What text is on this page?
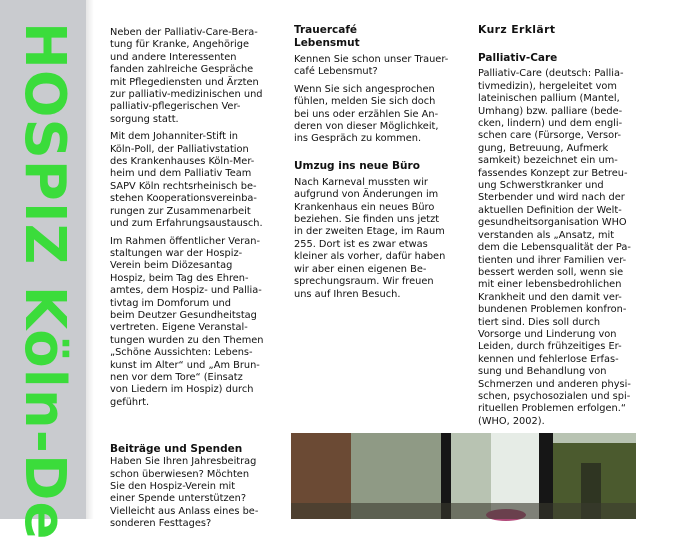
HOSPIZ Köln-De	Neben der Palliativ-Care-Bera-
tung für Kranke, Angehörige
und andere Interessenten
fanden zahlreiche Gespräche
mit Pflegediensten und Ärzten
zur palliativ-medizinischen und
palliativ-pflegerischen Ver-
sorgung statt.

Mit dem Johanniter-Stift in
Köln-Poll, der Palliativstation
des Krankenhauses Köln-Mer-
heim und dem Palliativ Team
SAPV Köln rechtsrheinisch be-
stehen Kooperationsvereinba-
rungen zur Zusammenarbeit
und zum Erfahrungsaustausch.

Im Rahmen öffentlicher Veran-
staltungen war der Hospiz-
Verein beim Diözesantag
Hospiz, beim Tag des Ehren-
amtes, dem Hospiz- und Pallia-
tivtag im Domforum und
beim Deutzer Gesundheitstag
vertreten. Eigene Veranstal-
tungen wurden zu den Themen
„Schöne Aussichten: Lebens-
kunst im Alter“ und „Am Brun-
nen vor dem Tore“ (Einsatz
von Liedern im Hospiz) durch
geführt.

Beiträge und Spenden

Haben Sie Ihren Jahresbeitrag
schon überwiesen? Möchten
Sie den Hospiz-Verein mit
einer Spende unterstützen?
Vielleicht aus Anlass eines be-
sonderen Festtages?

Trauercafé
Lebensmut

Kennen Sie schon unser Trauer-
café Lebensmut?

Wenn Sie sich angesprochen
fühlen, melden Sie sich doch
bei uns oder erzählen Sie An-
deren von dieser Möglichkeit,
ins Gespräch zu kommen.

Umzug ins neue Büro

Nach Karneval mussten wir
aufgrund von Änderungen im
Krankenhaus ein neues Büro
beziehen. Sie finden uns jetzt
in der zweiten Etage, im Raum
255. Dort ist es zwar etwas
kleiner als vorher, dafür haben
wir aber einen eigenen Be-
sprechungsraum. Wir freuen
uns auf Ihren Besuch.

Kurz Erklärt

Palliativ-Care

Palliativ-Care (deutsch: Pallia-
tivmedizin), hergeleitet vom
lateinischen pallium (Mantel,
Umhang) bzw. palliare (bede-
cken, lindern) und dem engli-
schen care (Fürsorge, Versor-
gung, Betreuung, Aufmerk
samkeit) bezeichnet ein um-
fassendes Konzept zur Betreu-
ung Schwerstkranker und
Sterbender und wird nach der
aktuellen Definition der Welt-
gesundheitsorganisation WHO
verstanden als „Ansatz, mit
dem die Lebensqualität der Pa-
tienten und ihrer Familien ver-
bessert werden soll, wenn sie
mit einer lebensbedrohlichen
Krankheit und den damit ver-
bundenen Problemen konfron-
tiert sind. Dies soll durch
Vorsorge und Linderung von
Leiden, durch frühzeitiges Er-
kennen und fehlerlose Erfas-
sung und Behandlung von
Schmerzen und anderen physi-
schen, psychosozialen und spi-
rituellen Problemen erfolgen.“
(WHO, 2002).
